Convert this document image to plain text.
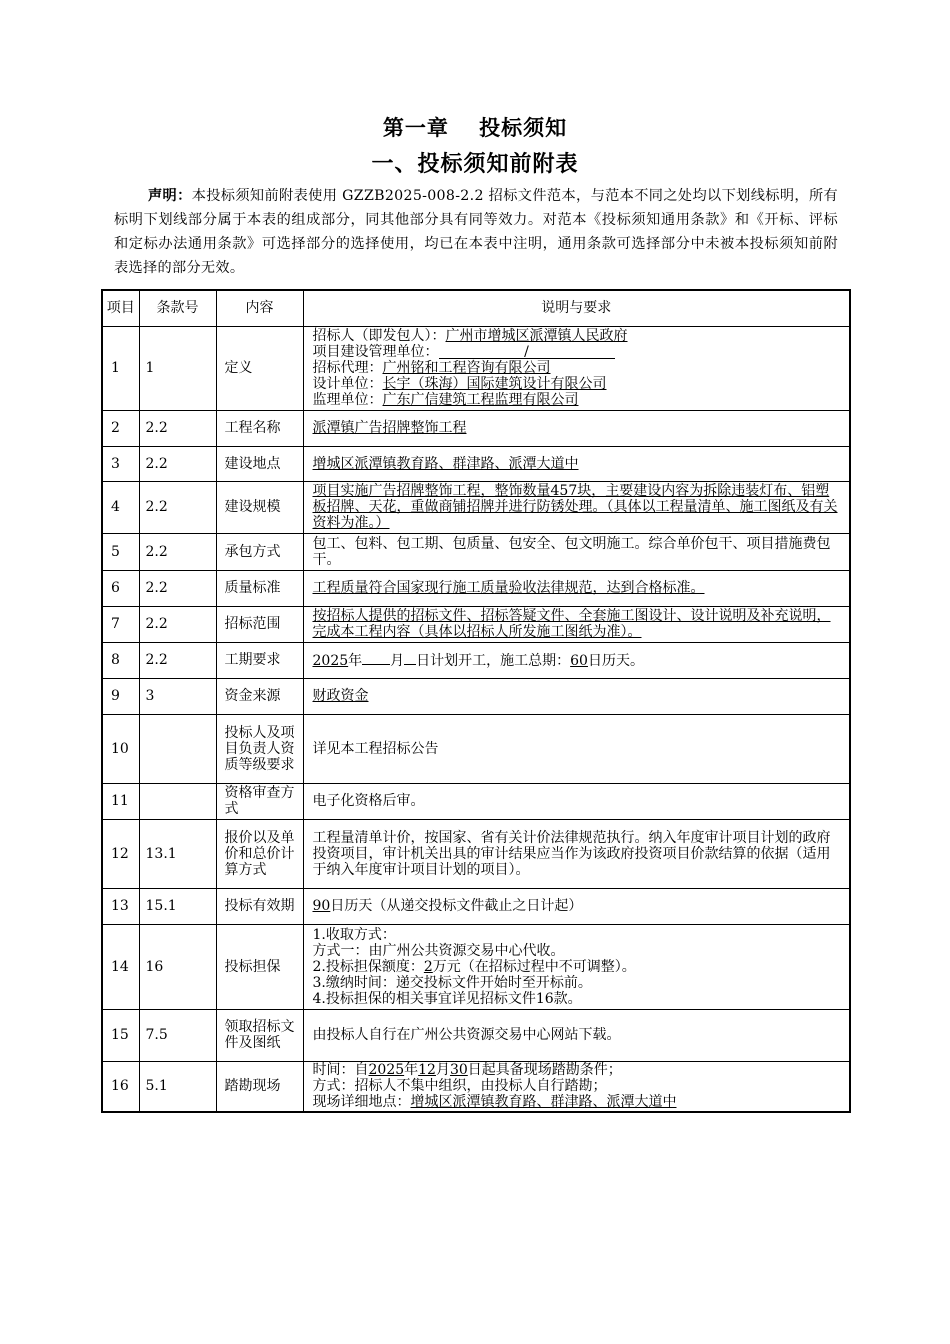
第一章　 投标须知
一、投标须知前附表
声明：本投标须知前附表使用 GZZB2025-008-2.2 招标文件范本，与范本不同之处均以下划线标明，所有标明下划线部分属于本表的组成部分，同其他部分具有同等效力。对范本《投标须知通用条款》和《开标、评标和定标办法通用条款》可选择部分的选择使用，均已在本表中注明，通用条款可选择部分中未被本投标须知前附表选择的部分无效。
项目	条款号	内容	说明与要求
1	1	定义	招标人（即发包人）：广州市增城区派潭镇人民政府
项目建设管理单位： /
招标代理：广州铭和工程咨询有限公司
设计单位：长宇（珠海）国际建筑设计有限公司
监理单位：广东广信建筑工程监理有限公司

2	2.2	工程名称	派潭镇广告招牌整饰工程
3	2.2	建设地点	增城区派潭镇教育路、群津路、派潭大道中
4	2.2	建设规模	项目实施广告招牌整饰工程，整饰数量457块，主要建设内容为拆除违装灯布、铝塑板招牌、天花，重做商铺招牌并进行防锈处理。（具体以工程量清单、施工图纸及有关资料为准。）
5	2.2	承包方式	包工、包料、包工期、包质量、包安全、包文明施工。综合单价包干、项目措施费包干。
6	2.2	质量标准	工程质量符合国家现行施工质量验收法律规范，达到合格标准。
7	2.2	招标范围	按招标人提供的招标文件、招标答疑文件、全套施工图设计、设计说明及补充说明，完成本工程内容（具体以招标人所发施工图纸为准）。
8	2.2	工期要求	2025年 月 日计划开工，施工总期：60日历天。
9	3	资金来源	财政资金
10		投标人及项目负责人资质等级要求	详见本工程招标公告
11		资格审查方式	电子化资格后审。
12	13.1	报价以及单价和总价计算方式	工程量清单计价，按国家、省有关计价法律规范执行。纳入年度审计项目计划的政府投资项目，审计机关出具的审计结果应当作为该政府投资项目价款结算的依据（适用于纳入年度审计项目计划的项目）。
13	15.1	投标有效期	90日历天（从递交投标文件截止之日计起）
14	16	投标担保	1.收取方式：
方式一：由广州公共资源交易中心代收。
2.投标担保额度：2万元（在招标过程中不可调整）。
3.缴纳时间：递交投标文件开始时至开标前。
4.投标担保的相关事宜详见招标文件16款。

15	7.5	领取招标文件及图纸	由投标人自行在广州公共资源交易中心网站下载。
16	5.1	踏勘现场	时间：自2025年12月30日起具备现场踏勘条件；
方式：招标人不集中组织，由投标人自行踏勘；
现场详细地点：增城区派潭镇教育路、群津路、派潭大道中
